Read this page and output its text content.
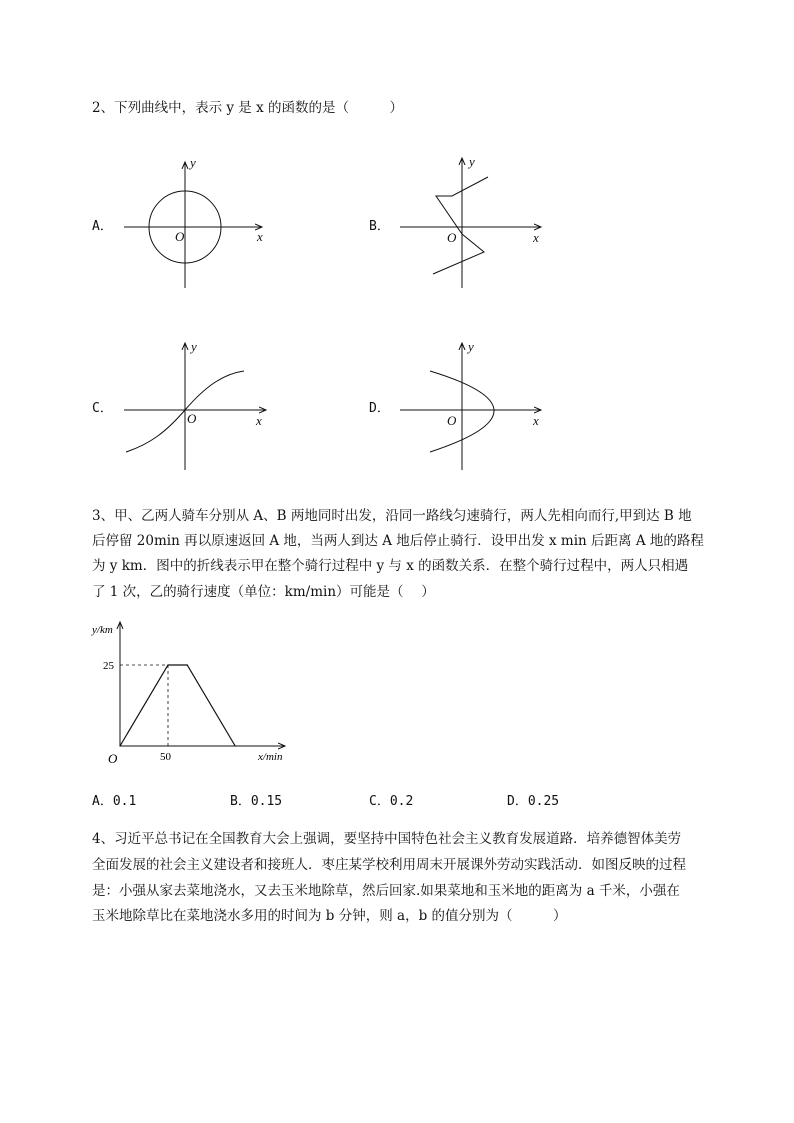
2、下列曲线中，表示 y 是 x 的函数的是（　　　）
A．
y
x
O
B．
y
x
O
C．
y
x
O
D．
y
x
O
3、甲、乙两人骑车分别从 A、B 两地同时出发，沿同一路线匀速骑行，两人先相向而行,甲到达 B 地
后停留 20min 再以原速返回 A 地，当两人到达 A 地后停止骑行．设甲出发 x min 后距离 A 地的路程
为 y km．图中的折线表示甲在整个骑行过程中 y 与 x 的函数关系．在整个骑行过程中，两人只相遇
了 1 次，乙的骑行速度（单位：km/min）可能是（　 ）
y/km
x/min
O	50
25
A．0.1	B．0.15	C．0.2	D．0.25
4、习近平总书记在全国教育大会上强调，要坚持中国特色社会主义教育发展道路．培养德智体美劳
全面发展的社会主义建设者和接班人．枣庄某学校利用周末开展课外劳动实践活动．如图反映的过程
是：小强从家去菜地浇水，又去玉米地除草，然后回家.如果菜地和玉米地的距离为 a 千米，小强在
玉米地除草比在菜地浇水多用的时间为 b 分钟，则 a，b 的值分别为（　　　）
